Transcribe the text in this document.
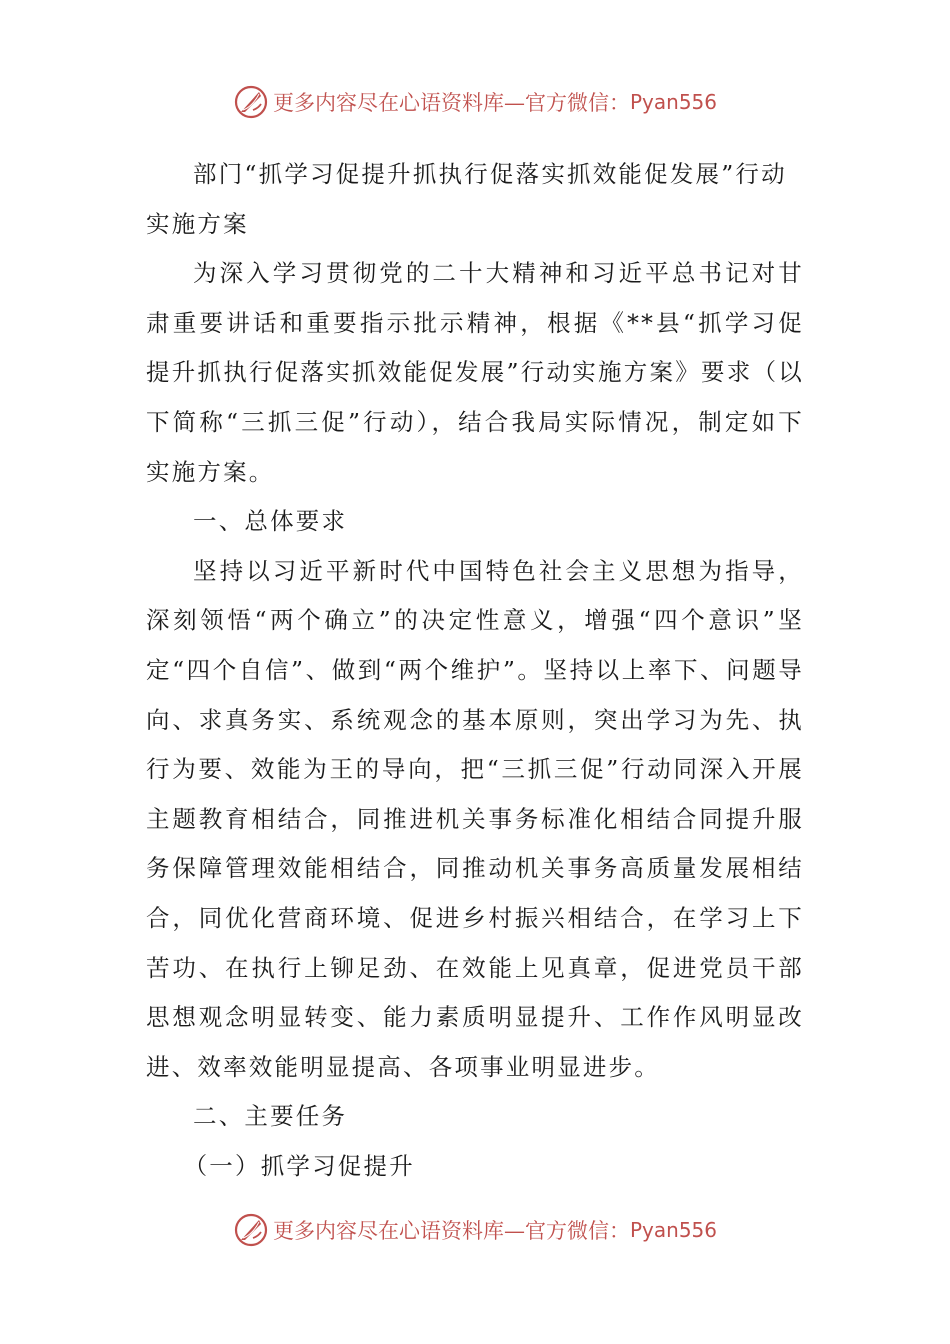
更多内容尽在心语资料库—官方微信： Pyan556

部门“抓学习促提升抓执行促落实抓效能促发展”行动实施方案

为深入学习贯彻党的二十大精神和习近平总书记对甘肃重要讲话和重要指示批示精神，根据《**县“抓学习促提升抓执行促落实抓效能促发展”行动实施方案》要求（以下简称“三抓三促”行动），结合我局实际情况，制定如下实施方案。

一、总体要求

坚持以习近平新时代中国特色社会主义思想为指导，深刻领悟“两个确立”的决定性意义，增强“四个意识”坚定“四个自信”、做到“两个维护”。坚持以上率下、问题导向、求真务实、系统观念的基本原则，突出学习为先、执行为要、效能为王的导向，把“三抓三促”行动同深入开展主题教育相结合，同推进机关事务标准化相结合同提升服务保障管理效能相结合，同推动机关事务高质量发展相结合，同优化营商环境、促进乡村振兴相结合，在学习上下苦功、在执行上铆足劲、在效能上见真章，促进党员干部思想观念明显转变、能力素质明显提升、工作作风明显改进、效率效能明显提高、各项事业明显进步。

二、主要任务

（一）抓学习促提升

更多内容尽在心语资料库—官方微信： Pyan556
